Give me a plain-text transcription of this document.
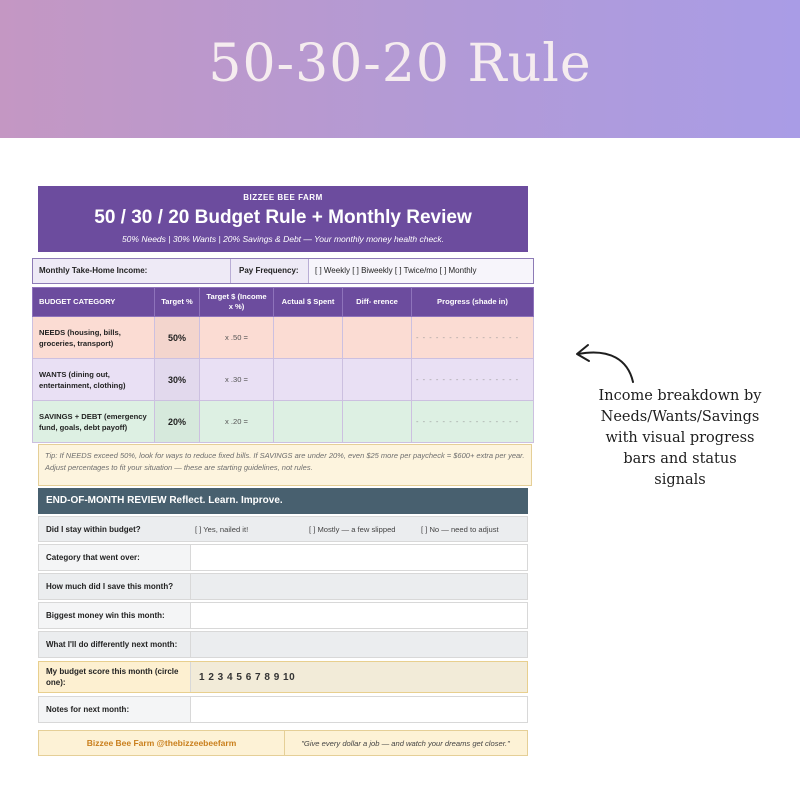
50-30-20 Rule
BIZZEE BEE FARM
50 / 30 / 20 Budget Rule + Monthly Review
50% Needs | 30% Wants | 20% Savings & Debt — Your monthly money health check.
Monthly Take-Home Income:	Pay Frequency:	[ ] Weekly [ ] Biweekly [ ] Twice/mo [ ] Monthly
BUDGET CATEGORY	Target %	Target $ (Income x %)	Actual $ Spent	Diff- erence	Progress (shade in)
NEEDS (housing, bills, groceries, transport)	50%	x .50 =			- - - - - - - - - - - - - - - -
WANTS (dining out, entertainment, clothing)	30%	x .30 =			- - - - - - - - - - - - - - - -
SAVINGS + DEBT (emergency fund, goals, debt payoff)	20%	x .20 =			- - - - - - - - - - - - - - - -
Tip: If NEEDS exceed 50%, look for ways to reduce fixed bills. If SAVINGS are under 20%, even $25 more per paycheck = $600+ extra per year. Adjust percentages to fit your situation — these are starting guidelines, not rules.
END-OF-MONTH REVIEW Reflect. Learn. Improve.
Did I stay within budget?	[ ] Yes, nailed it!	[ ] Mostly — a few slipped	[ ] No — need to adjust
Category that went over:
How much did I save this month?
Biggest money win this month:
What I'll do differently next month:
My budget score this month (circle one):	1 2 3 4 5 6 7 8 9 10
Notes for next month:
Bizzee Bee Farm @thebizzeebeefarm	"Give every dollar a job — and watch your dreams get closer."
Income breakdown by
Needs/Wants/Savings
with visual progress
bars and status signals
